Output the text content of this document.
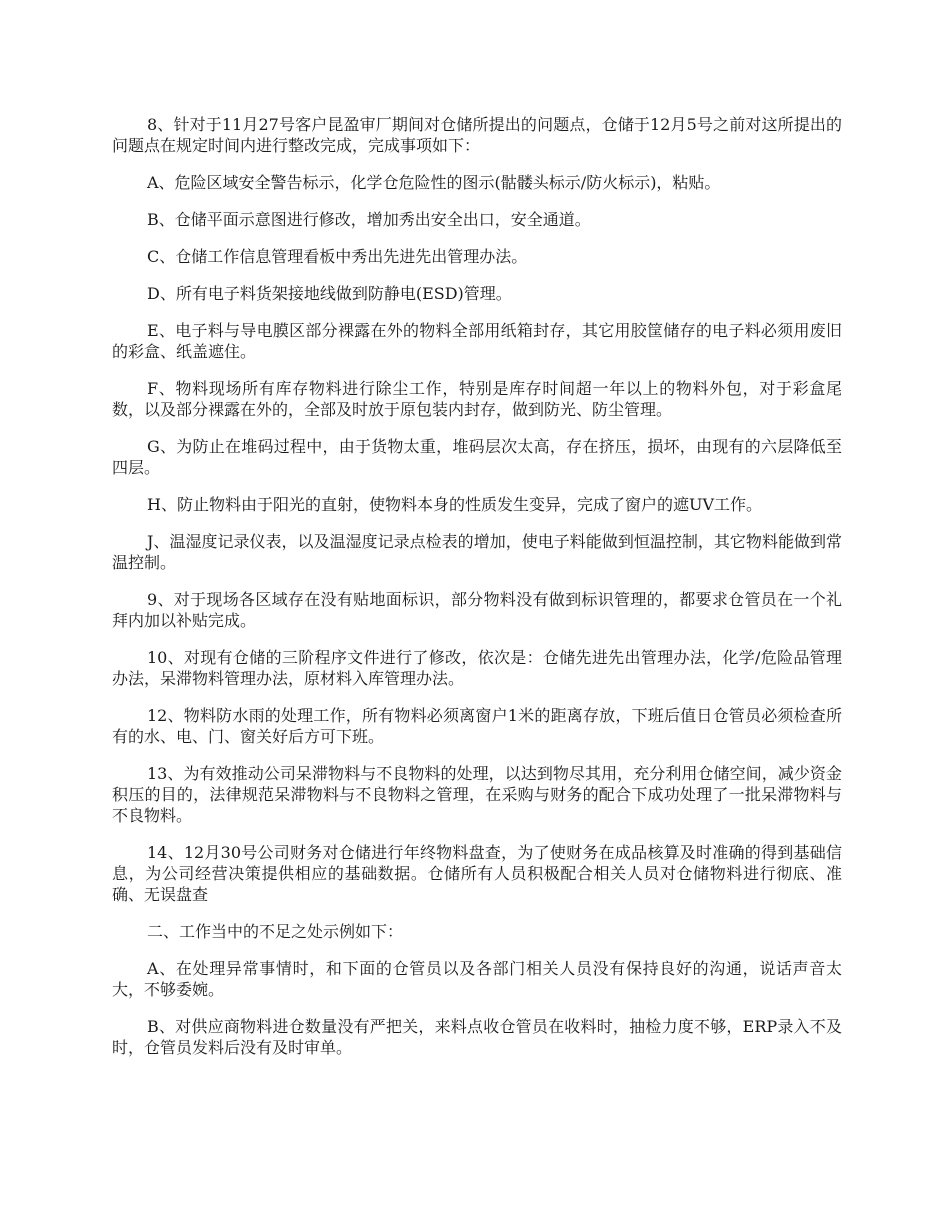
8、针对于11月27号客户昆盈审厂期间对仓储所提出的问题点，仓储于12月5号之前对这所提出的问题点在规定时间内进行整改完成，完成事项如下：

A、危险区域安全警告标示，化学仓危险性的图示(骷髅头标示/防火标示)，粘贴。

B、仓储平面示意图进行修改，增加秀出安全出口，安全通道。

C、仓储工作信息管理看板中秀出先进先出管理办法。

D、所有电子料货架接地线做到防静电(ESD)管理。

E、电子料与导电膜区部分裸露在外的物料全部用纸箱封存，其它用胶筐储存的电子料必须用废旧的彩盒、纸盖遮住。

F、物料现场所有库存物料进行除尘工作，特别是库存时间超一年以上的物料外包，对于彩盒尾数，以及部分裸露在外的，全部及时放于原包装内封存，做到防光、防尘管理。

G、为防止在堆码过程中，由于货物太重，堆码层次太高，存在挤压，损坏，由现有的六层降低至四层。

H、防止物料由于阳光的直射，使物料本身的性质发生变异，完成了窗户的遮UV工作。

J、温湿度记录仪表，以及温湿度记录点检表的增加，使电子料能做到恒温控制，其它物料能做到常温控制。

9、对于现场各区域存在没有贴地面标识，部分物料没有做到标识管理的，都要求仓管员在一个礼拜内加以补贴完成。

10、对现有仓储的三阶程序文件进行了修改，依次是：仓储先进先出管理办法，化学/危险品管理办法，呆滞物料管理办法，原材料入库管理办法。

12、物料防水雨的处理工作，所有物料必须离窗户1米的距离存放，下班后值日仓管员必须检查所有的水、电、门、窗关好后方可下班。

13、为有效推动公司呆滞物料与不良物料的处理，以达到物尽其用，充分利用仓储空间，减少资金积压的目的，法律规范呆滞物料与不良物料之管理，在采购与财务的配合下成功处理了一批呆滞物料与不良物料。

14、12月30号公司财务对仓储进行年终物料盘查，为了使财务在成品核算及时准确的得到基础信息，为公司经营决策提供相应的基础数据。仓储所有人员积极配合相关人员对仓储物料进行彻底、准确、无误盘查

二、工作当中的不足之处示例如下：

A、在处理异常事情时，和下面的仓管员以及各部门相关人员没有保持良好的沟通，说话声音太大，不够委婉。

B、对供应商物料进仓数量没有严把关，来料点收仓管员在收料时，抽检力度不够，ERP录入不及时，仓管员发料后没有及时审单。
